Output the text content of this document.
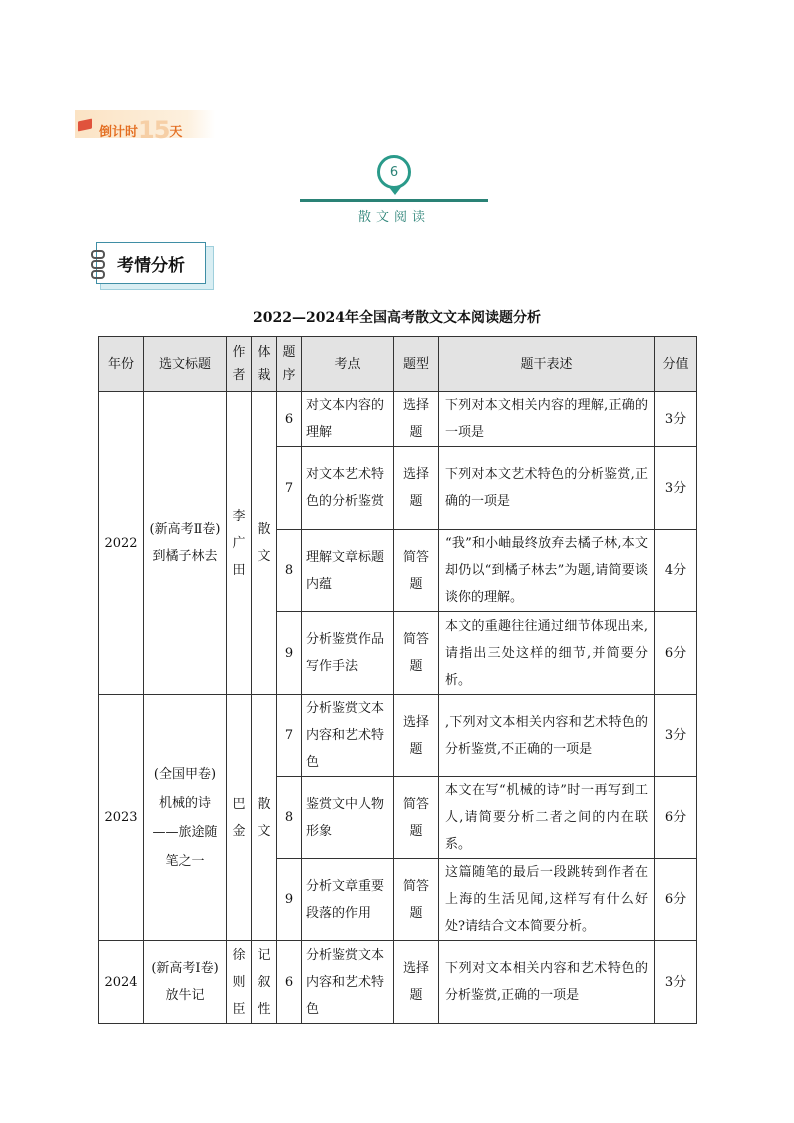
倒计时15天
6
散文阅读
考情分析
2022—2024年全国高考散文文本阅读题分析
年份	选文标题	作者	体裁	题序	考点	题型	题干表述	分值
2022	(新高考Ⅱ卷)到橘子林去	李广田	散文	6	对文本内容的理解	选择题	下列对本文相关内容的理解,正确的一项是	3分
				7	对文本艺术特色的分析鉴赏	选择题	下列对本文艺术特色的分析鉴赏,正确的一项是	3分
				8	理解文章标题内蕴	简答题	“我”和小岫最终放弃去橘子林,本文却仍以“到橘子林去”为题,请简要谈谈你的理解。	4分
				9	分析鉴赏作品写作手法	简答题	本文的重趣往往通过细节体现出来,请指出三处这样的细节,并简要分析。	6分
2023	(全国甲卷)机械的诗——旅途随笔之一	巴金	散文	7	分析鉴赏文本内容和艺术特色	选择题	,下列对文本相关内容和艺术特色的分析鉴赏,不正确的一项是	3分
				8	鉴赏文中人物形象	简答题	本文在写“机械的诗”时一再写到工人,请简要分析二者之间的内在联系。	6分
				9	分析文章重要段落的作用	简答题	这篇随笔的最后一段跳转到作者在上海的生活见闻,这样写有什么好处?请结合文本简要分析。	6分
2024	(新高考Ⅰ卷)放牛记	徐则臣	记叙性	6	分析鉴赏文本内容和艺术特色	选择题	下列对文本相关内容和艺术特色的分析鉴赏,正确的一项是	3分
